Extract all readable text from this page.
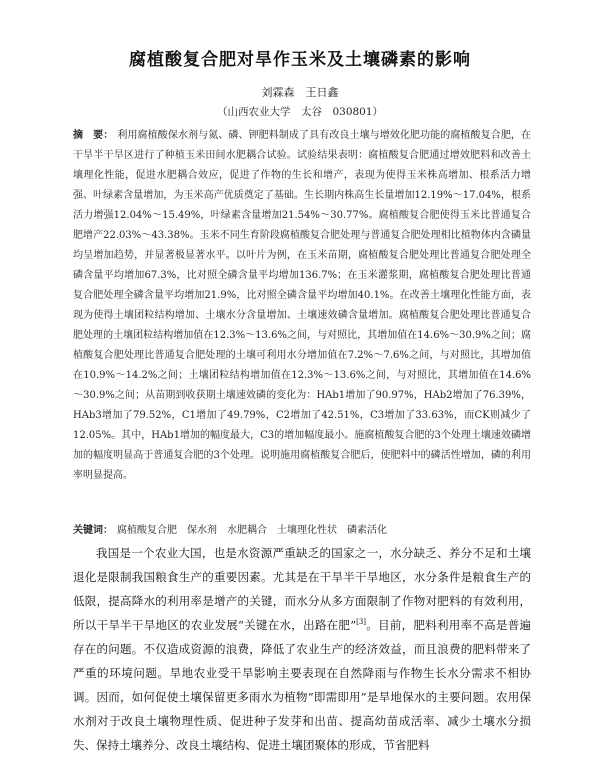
腐植酸复合肥对旱作玉米及土壤磷素的影响
刘霖森　王日鑫
（山西农业大学　太谷　030801）
摘　要： 利用腐植酸保水剂与氮、磷、钾肥料制成了具有改良土壤与增效化肥功能的腐植酸复合肥，在干旱半干旱区进行了种植玉米田间水肥耦合试验。试验结果表明：腐植酸复合肥通过增效肥料和改善土壤理化性能，促进水肥耦合效应，促进了作物的生长和增产，表现为使得玉米株高增加、根系活力增强、叶绿素含量增加，为玉米高产优质奠定了基础。生长期内株高生长量增加12.19%～17.04%，根系活力增强12.04%～15.49%，叶绿素含量增加21.54%～30.77%。腐植酸复合肥使得玉米比普通复合肥增产22.03%～43.38%。玉米不同生育阶段腐植酸复合肥处理与普通复合肥处理相比植物体内含磷量均呈增加趋势，并显著极显著水平。以叶片为例，在玉米苗期，腐植酸复合肥处理比普通复合肥处理全磷含量平均增加67.3%，比对照全磷含量平均增加136.7%；在玉米灌浆期，腐植酸复合肥处理比普通复合肥处理全磷含量平均增加21.9%，比对照全磷含量平均增加40.1%。在改善土壤理化性能方面，表现为使得土壤团粒结构增加、土壤水分含量增加、土壤速效磷含量增加。腐植酸复合肥处理比普通复合肥处理的土壤团粒结构增加值在12.3%～13.6%之间，与对照比，其增加值在14.6%～30.9%之间；腐植酸复合肥处理比普通复合肥处理的土壤可利用水分增加值在7.2%～7.6%之间，与对照比，其增加值在10.9%～14.2%之间；土壤团粒结构增加值在12.3%～13.6%之间，与对照比，其增加值在14.6%～30.9%之间；从苗期到收获期土壤速效磷的变化为：HAb1增加了90.97%，HAb2增加了76.39%，HAb3增加了79.52%，C1增加了49.79%，C2增加了42.51%，C3增加了33.63%，而CK则减少了12.05%。其中，HAb1增加的幅度最大，C3的增加幅度最小。施腐植酸复合肥的3个处理土壤速效磷增加的幅度明显高于普通复合肥的3个处理。说明施用腐植酸复合肥后，使肥料中的磷活性增加，磷的利用率明显提高。
关键词： 腐植酸复合肥　保水剂　水肥耦合　土壤理化性状　磷素活化
我国是一个农业大国，也是水资源严重缺乏的国家之一，水分缺乏、养分不足和土壤退化是限制我国粮食生产的重要因素。尤其是在干旱半干旱地区，水分条件是粮食生产的低限，提高降水的利用率是增产的关键，而水分从多方面限制了作物对肥料的有效利用，所以干旱半干旱地区的农业发展“关键在水，出路在肥”[3]。目前，肥料利用率不高是普遍存在的问题。不仅造成资源的浪费，降低了农业生产的经济效益，而且浪费的肥料带来了严重的环境问题。旱地农业受干旱影响主要表现在自然降雨与作物生长水分需求不相协调。因而，如何促使土壤保留更多雨水为植物“即需即用”是旱地保水的主要问题。农用保水剂对于改良土壤物理性质、促进种子发芽和出苗、提高幼苗成活率、减少土壤水分损失、保持土壤养分、改良土壤结构、促进土壤团聚体的形成，节省肥料
